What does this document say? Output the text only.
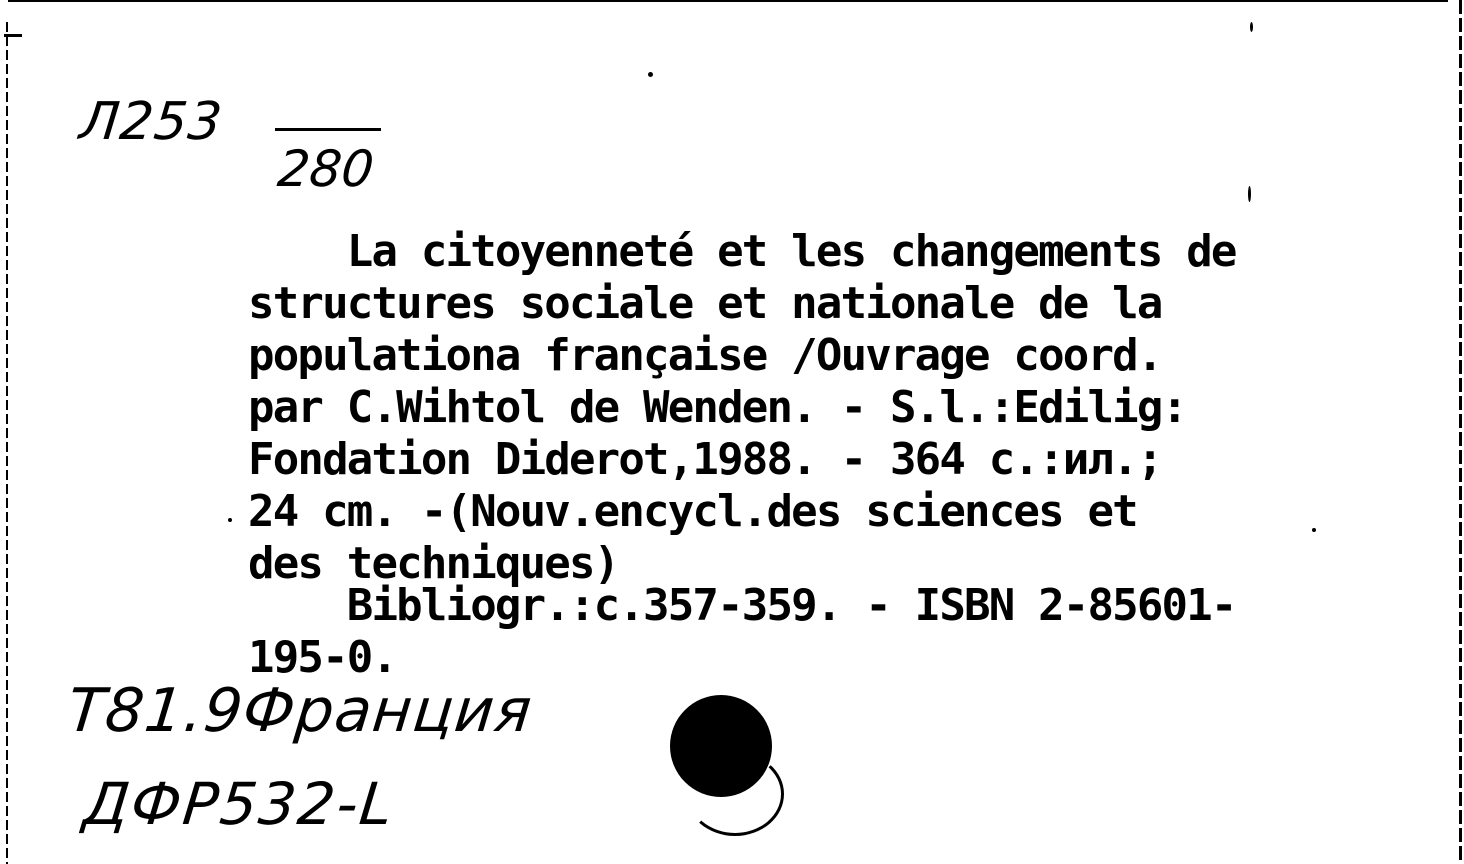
Л253
280
La citoyenneté et les changements de
structures sociale et nationale de la
populationa française /Ouvrage coord.
par C.Wihtol de Wenden. - S.l.:Edilig:
Fondation Diderot,1988. - 364 c.:ил.;
24 cm. -(Nouv.encycl.des sciences et
des techniques)
Bibliogr.:c.357-359. - ISBN 2-85601-
195-0.
T81.9Франция
ДФР532-L
